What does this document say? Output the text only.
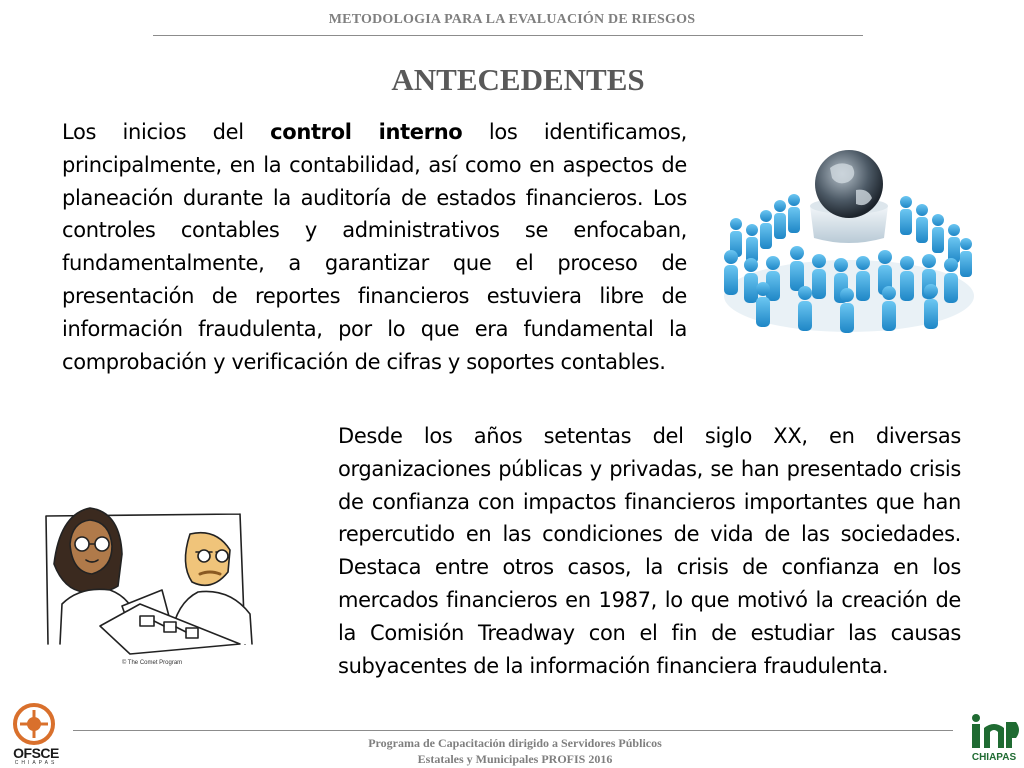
METODOLOGIA PARA LA EVALUACIÓN DE RIESGOS
ANTECEDENTES
Los inicios del control interno los identificamos, principalmente, en la contabilidad, así como en aspectos de planeación durante la auditoría de estados financieros. Los controles contables y administrativos se enfocaban, fundamentalmente, a garantizar que el proceso de presentación de reportes financieros estuviera libre de información fraudulenta, por lo que era fundamental la comprobación y verificación de cifras y soportes contables.
Desde los años setentas del siglo XX, en diversas organizaciones públicas y privadas, se han presentado crisis de confianza con impactos financieros importantes que han repercutido en las condiciones de vida de las sociedades. Destaca entre otros casos, la crisis de confianza en los mercados financieros en 1987, lo que motivó la creación de la Comisión Treadway con el fin de estudiar las causas subyacentes de la información financiera fraudulenta.
© The Comet Program
Programa de Capacitación dirigido a Servidores Públicos
Estatales y Municipales PROFIS 2016
OFSCE
CHIAPAS	CHIAPAS
